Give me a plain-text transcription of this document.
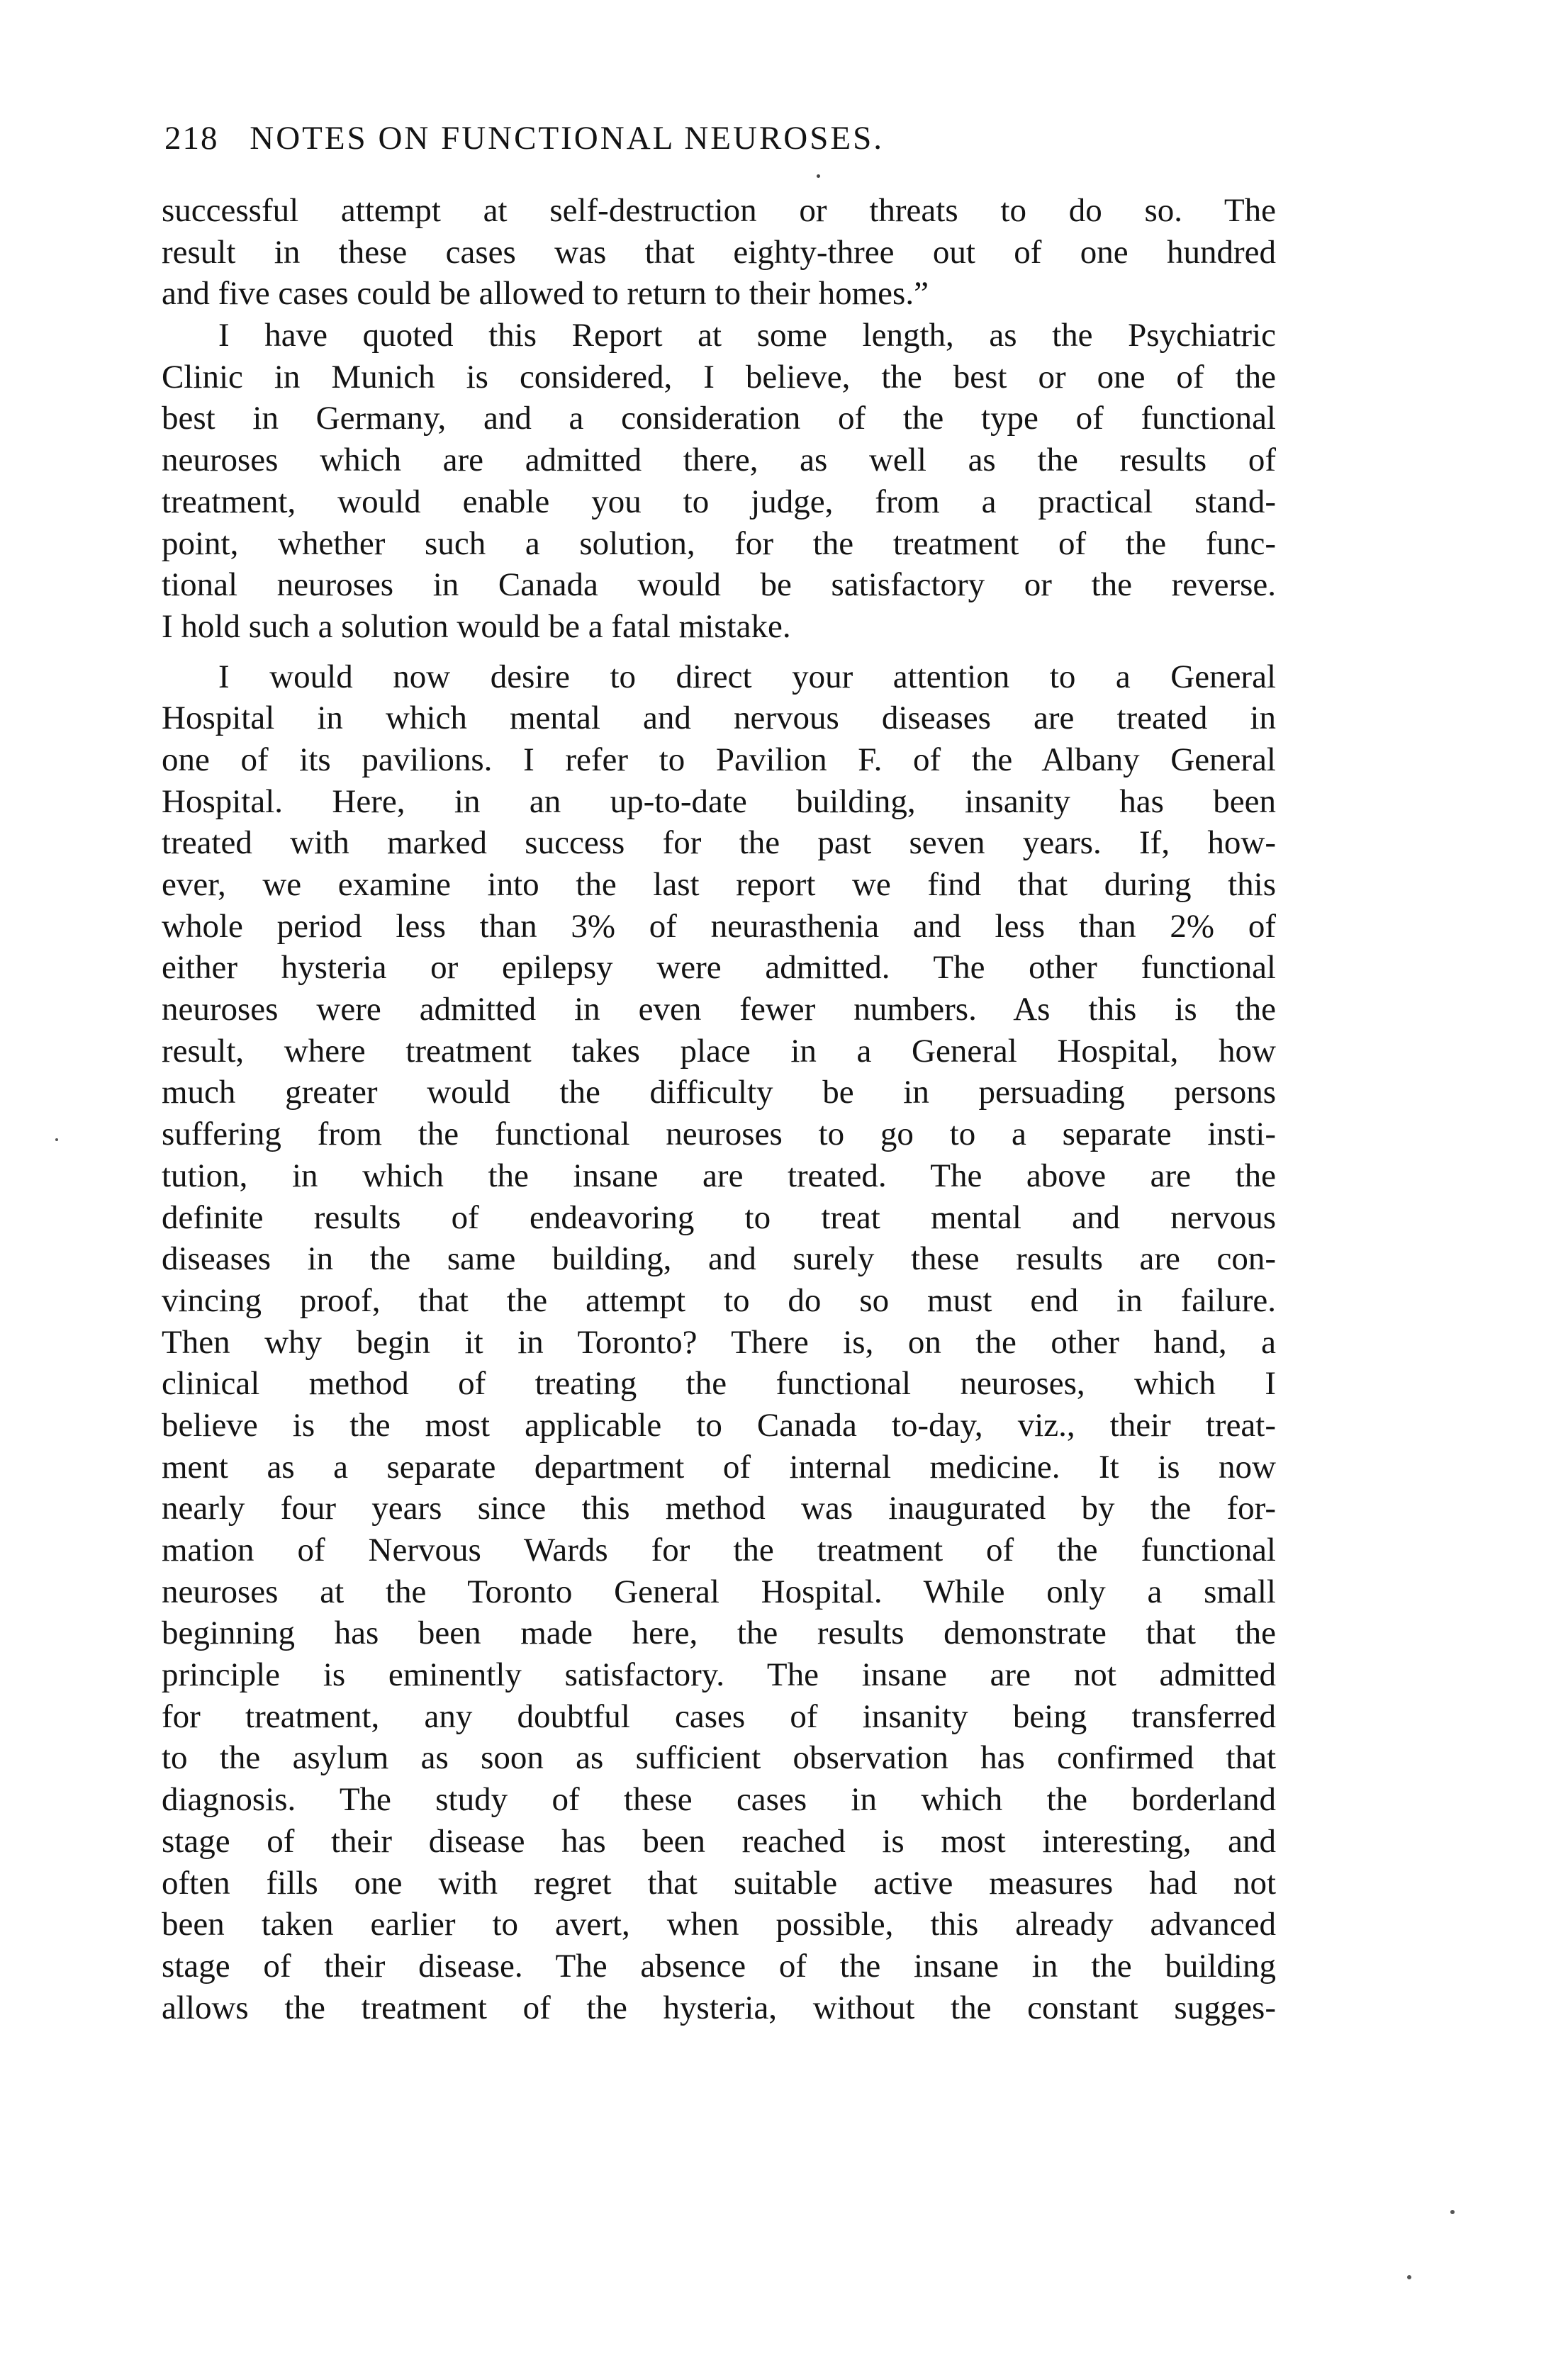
218 NOTES ON FUNCTIONAL NEUROSES.
successful attempt at self-destruction or threats to do so. The
result in these cases was that eighty-three out of one hundred
and five cases could be allowed to return to their homes.”
I have quoted this Report at some length, as the Psychiatric
Clinic in Munich is considered, I believe, the best or one of the
best in Germany, and a consideration of the type of functional
neuroses which are admitted there, as well as the results of
treatment, would enable you to judge, from a practical stand-
point, whether such a solution, for the treatment of the func-
tional neuroses in Canada would be satisfactory or the reverse.
I hold such a solution would be a fatal mistake.
I would now desire to direct your attention to a General
Hospital in which mental and nervous diseases are treated in
one of its pavilions. I refer to Pavilion F. of the Albany General
Hospital. Here, in an up-to-date building, insanity has been
treated with marked success for the past seven years. If, how-
ever, we examine into the last report we find that during this
whole period less than 3% of neurasthenia and less than 2% of
either hysteria or epilepsy were admitted. The other functional
neuroses were admitted in even fewer numbers. As this is the
result, where treatment takes place in a General Hospital, how
much greater would the difficulty be in persuading persons
suffering from the functional neuroses to go to a separate insti-
tution, in which the insane are treated. The above are the
definite results of endeavoring to treat mental and nervous
diseases in the same building, and surely these results are con-
vincing proof, that the attempt to do so must end in failure.
Then why begin it in Toronto? There is, on the other hand, a
clinical method of treating the functional neuroses, which I
believe is the most applicable to Canada to-day, viz., their treat-
ment as a separate department of internal medicine. It is now
nearly four years since this method was inaugurated by the for-
mation of Nervous Wards for the treatment of the functional
neuroses at the Toronto General Hospital. While only a small
beginning has been made here, the results demonstrate that the
principle is eminently satisfactory. The insane are not admitted
for treatment, any doubtful cases of insanity being transferred
to the asylum as soon as sufficient observation has confirmed that
diagnosis. The study of these cases in which the borderland
stage of their disease has been reached is most interesting, and
often fills one with regret that suitable active measures had not
been taken earlier to avert, when possible, this already advanced
stage of their disease. The absence of the insane in the building
allows the treatment of the hysteria, without the constant sugges-
